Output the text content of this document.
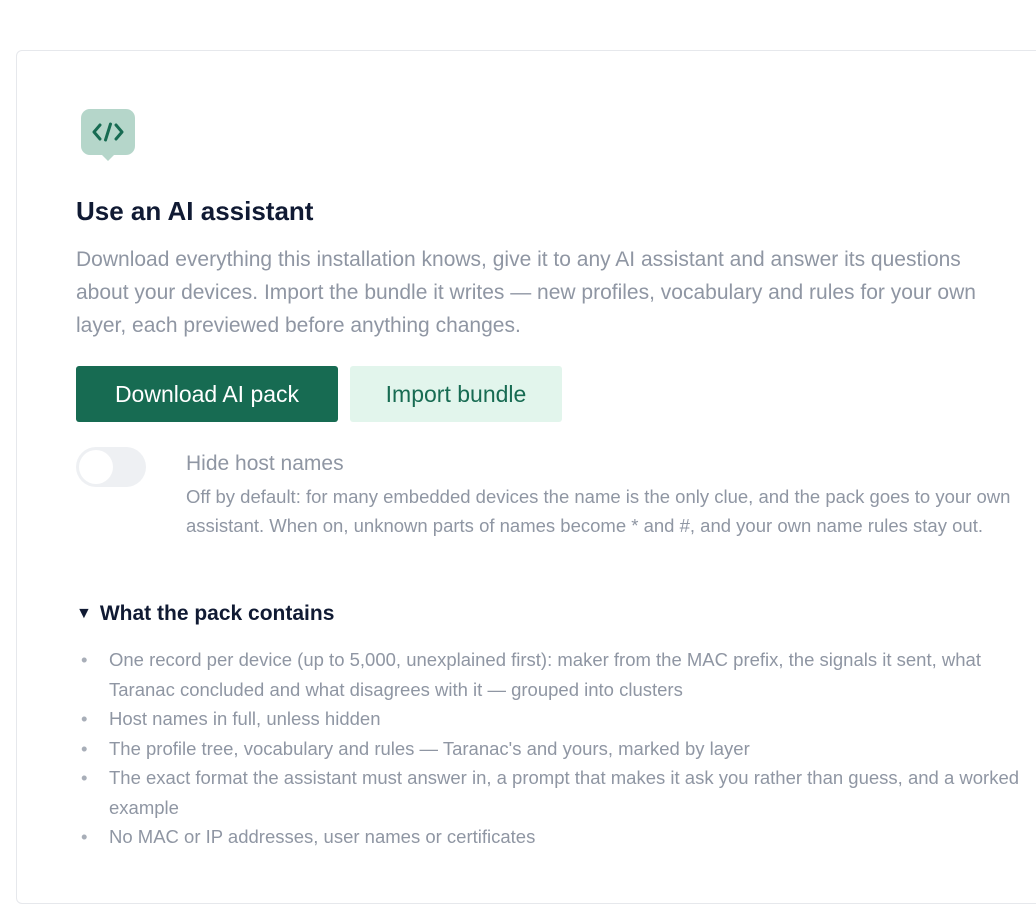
Use an AI assistant

Download everything this installation knows, give it to any AI assistant and answer its questions about your devices. Import the bundle it writes — new profiles, vocabulary and rules for your own layer, each previewed before anything changes.

Download AI pack	Import bundle
Hide host names

Off by default: for many embedded devices the name is the only clue, and the pack goes to your own assistant. When on, unknown parts of names become * and #, and your own name rules stay out.

▼ What the pack contains
• One record per device (up to 5,000, unexplained first): maker from the MAC prefix, the signals it sent, what Taranac concluded and what disagrees with it — grouped into clusters
• Host names in full, unless hidden
• The profile tree, vocabulary and rules — Taranac's and yours, marked by layer
• The exact format the assistant must answer in, a prompt that makes it ask you rather than guess, and a worked example
• No MAC or IP addresses, user names or certificates
